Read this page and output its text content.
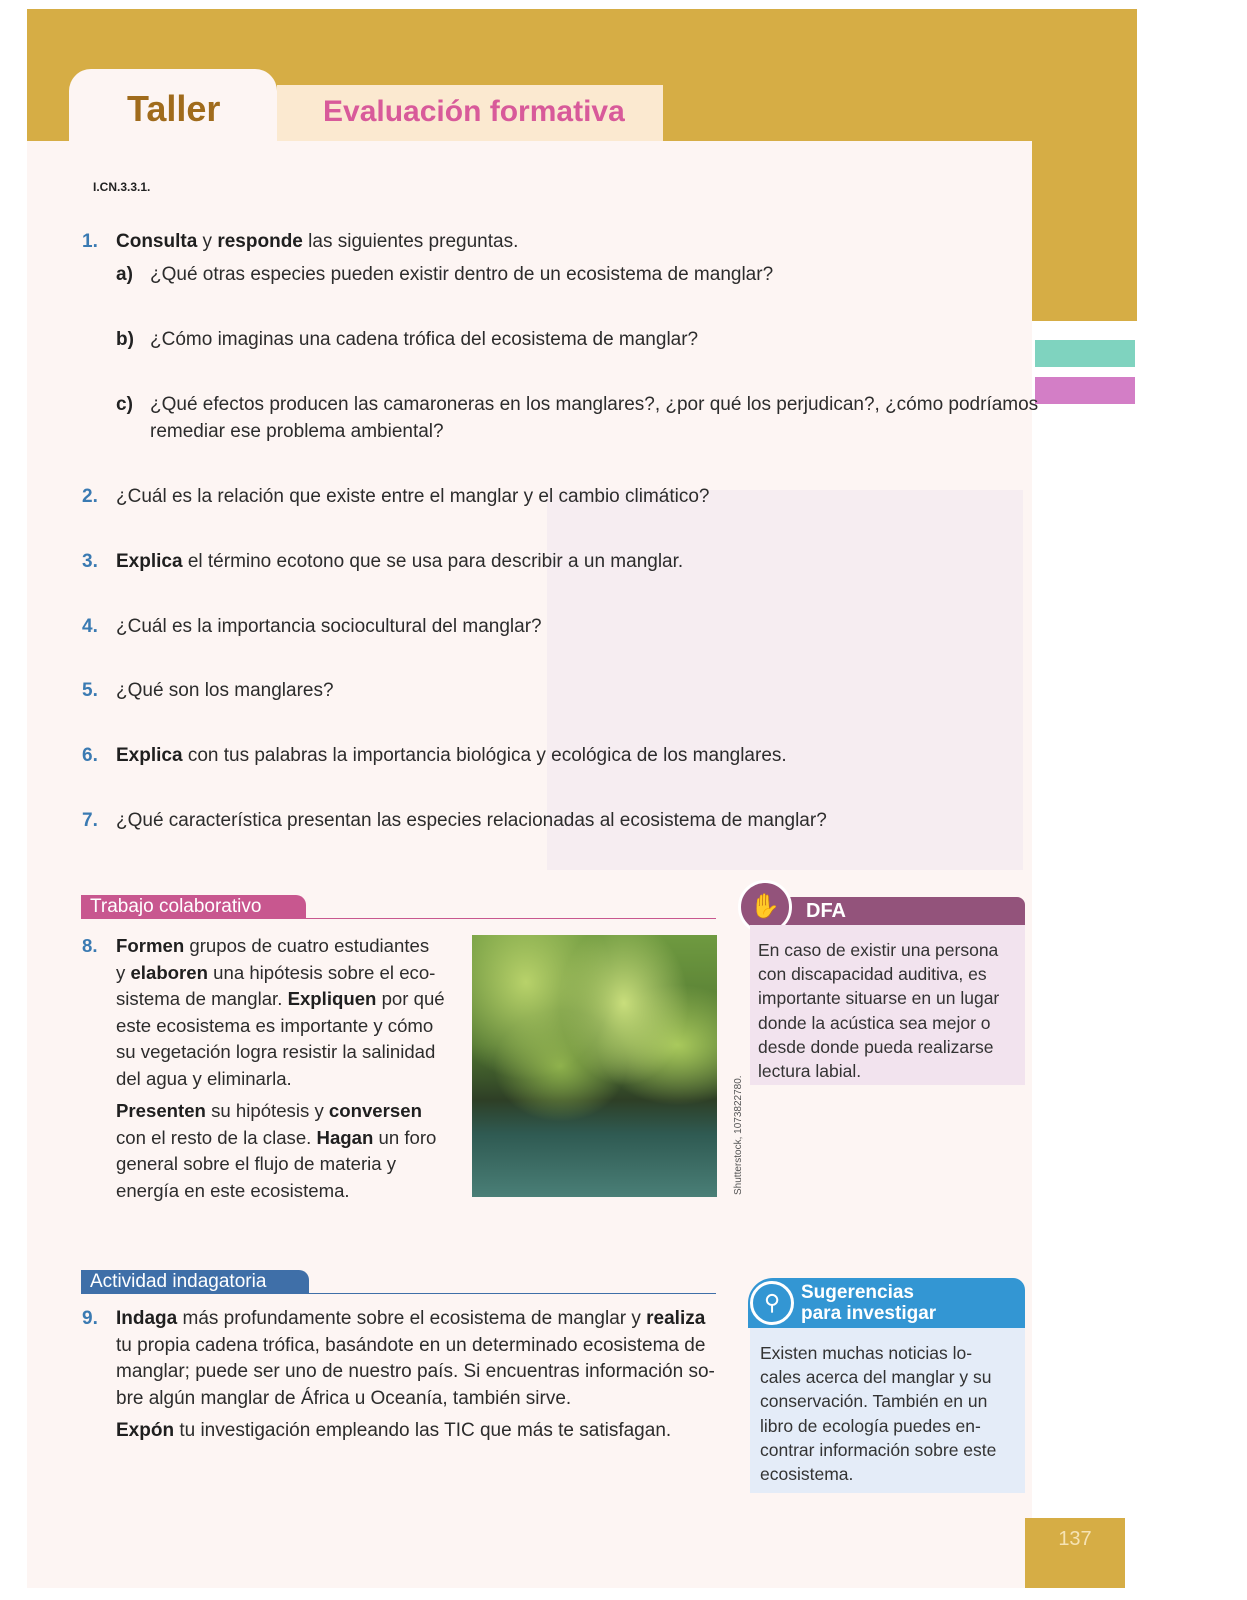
137
Taller	Evaluación formativa
I.CN.3.3.1.
1. Consulta y responde las siguientes preguntas.
a) ¿Qué otras especies pueden existir dentro de un ecosistema de manglar?
b) ¿Cómo imaginas una cadena trófica del ecosistema de manglar?
c) ¿Qué efectos producen las camaroneras en los manglares?, ¿por qué los perjudican?, ¿cómo podríamos
remediar ese problema ambiental?
2. ¿Cuál es la relación que existe entre el manglar y el cambio climático?
3. Explica el término ecotono que se usa para describir a un manglar.
4. ¿Cuál es la importancia sociocultural del manglar?
5. ¿Qué son los manglares?
6. Explica con tus palabras la importancia biológica y ecológica de los manglares.
7. ¿Qué característica presentan las especies relacionadas al ecosistema de manglar?
Trabajo colaborativo
8. Formen grupos de cuatro estudiantes
y elaboren una hipótesis sobre el eco-
sistema de manglar. Expliquen por qué
este ecosistema es importante y cómo
su vegetación logra resistir la salinidad
del agua y eliminarla.
Presenten su hipótesis y conversen
con el resto de la clase. Hagan un foro
general sobre el flujo de materia y
energía en este ecosistema.	Shutterstock, 1073822780.
✋	DFA
En caso de existir una persona
con discapacidad auditiva, es
importante situarse en un lugar
donde la acústica sea mejor o
desde donde pueda realizarse
lectura labial.
Actividad indagatoria
9. Indaga más profundamente sobre el ecosistema de manglar y realiza
tu propia cadena trófica, basándote en un determinado ecosistema de
manglar; puede ser uno de nuestro país. Si encuentras información so-
bre algún manglar de África u Oceanía, también sirve.
Expón tu investigación empleando las TIC que más te satisfagan.
⚲	Sugerencias
para investigar
Existen muchas noticias lo-
cales acerca del manglar y su
conservación. También en un
libro de ecología puedes en-
contrar información sobre este
ecosistema.
